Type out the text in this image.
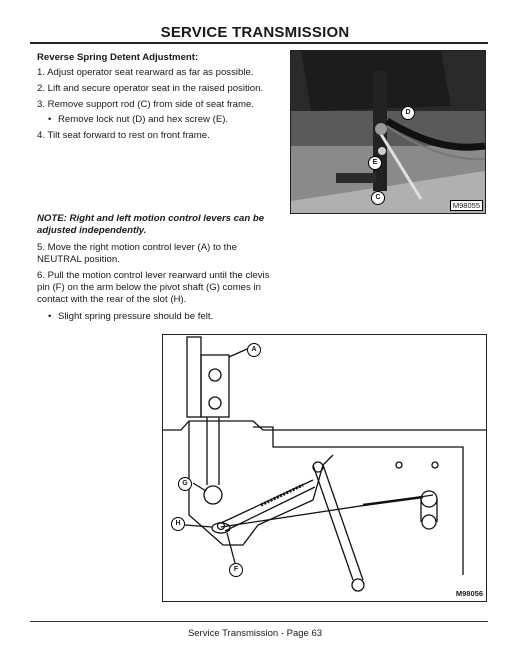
SERVICE TRANSMISSION
Reverse Spring Detent Adjustment:
1. Adjust operator seat rearward as far as possible.
2. Lift and secure operator seat in the raised position.
3. Remove support rod (C) from side of seat frame.
• Remove lock nut (D) and hex screw (E).
4. Tilt seat forward to rest on front frame.
D
E
C
M98055
NOTE: Right and left motion control levers can be
adjusted independently.
5. Move the right motion control lever (A) to the
NEUTRAL position.
6. Pull the motion control lever rearward until the clevis
pin (F) on the arm below the pivot shaft (G) comes in
contact with the rear of the slot (H).
• Slight spring pressure should be felt.
A
G
H
F
M98056
Service Transmission - Page 63
